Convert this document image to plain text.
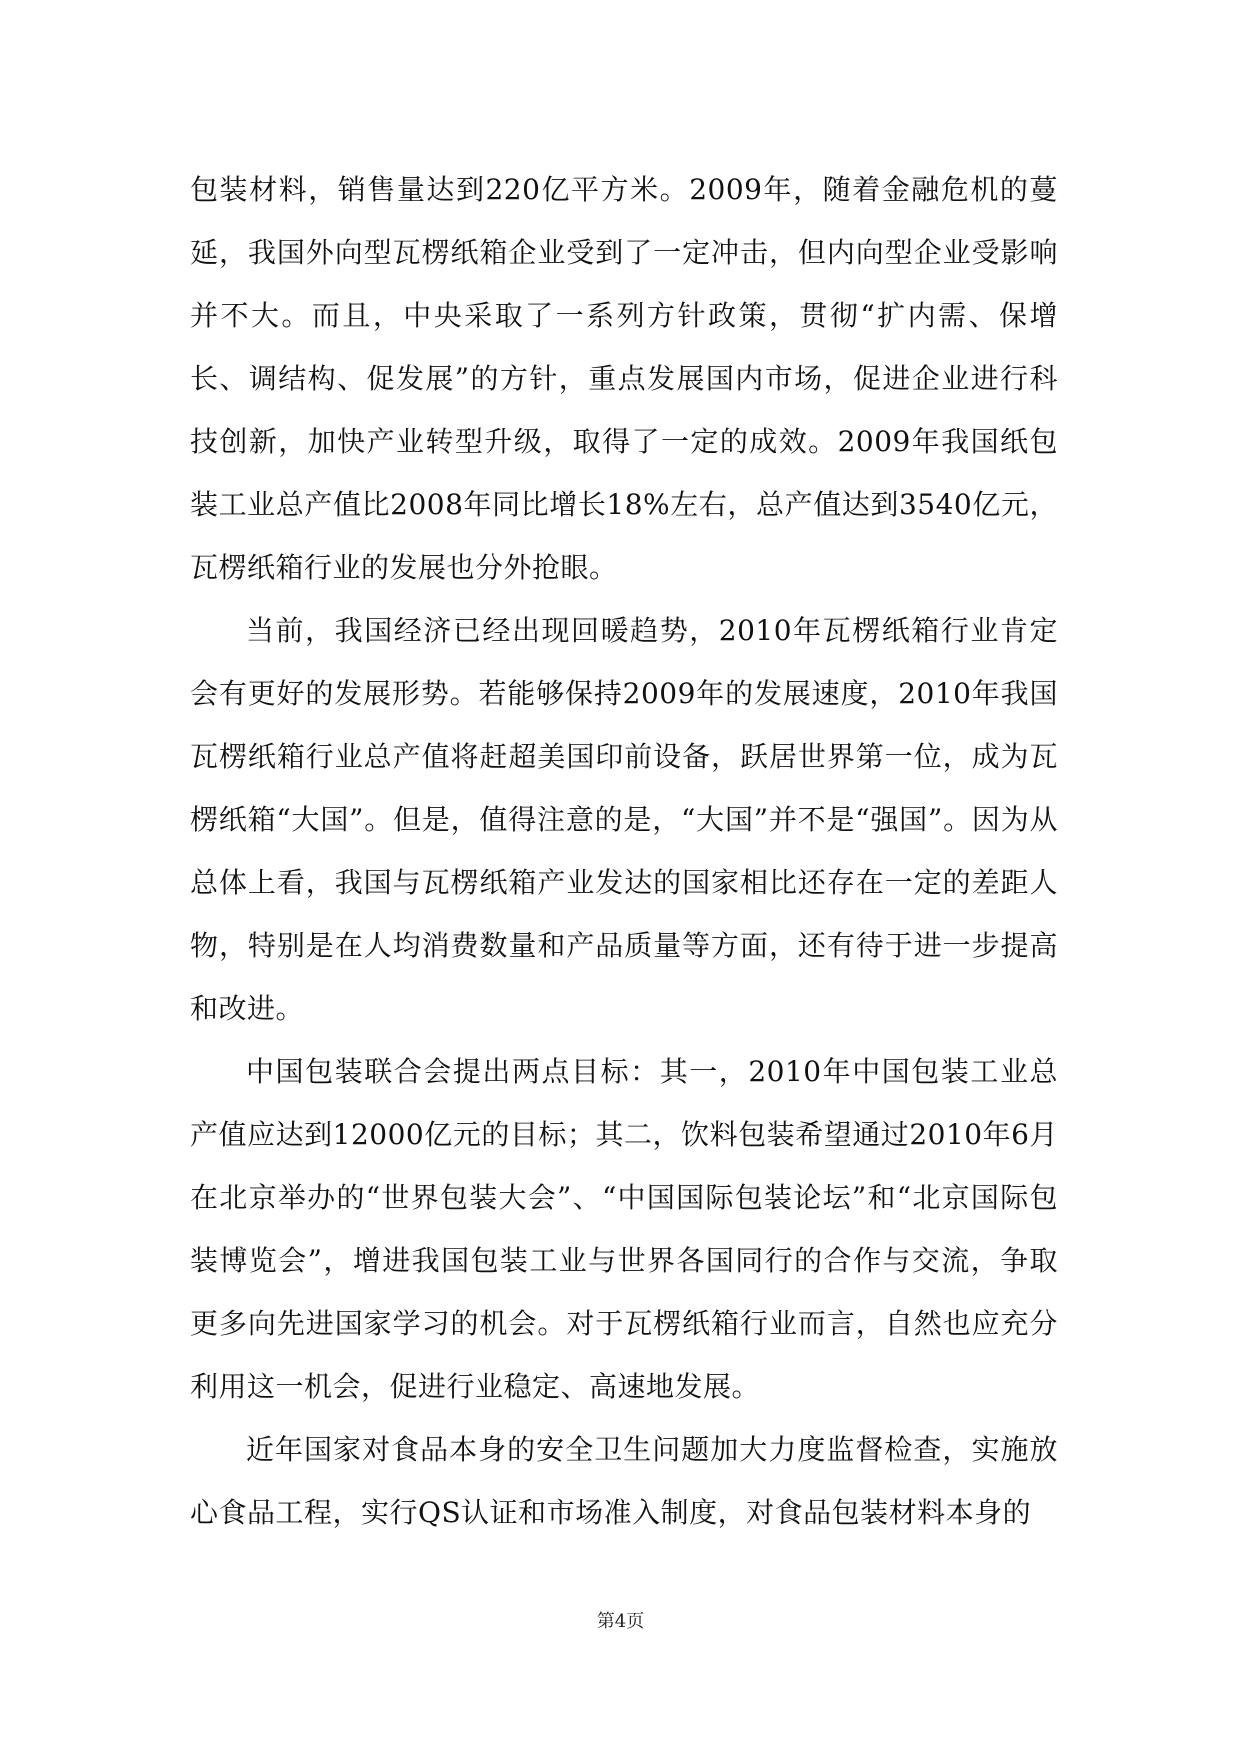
包装材料，销售量达到220亿平方米。2009年，随着金融危机的蔓延，我国外向型瓦楞纸箱企业受到了一定冲击，但内向型企业受影响并不大。而且，中央采取了一系列方针政策，贯彻“扩内需、保增长、调结构、促发展”的方针，重点发展国内市场，促进企业进行科技创新，加快产业转型升级，取得了一定的成效。2009年我国纸包装工业总产值比2008年同比增长18%左右，总产值达到3540亿元，瓦楞纸箱行业的发展也分外抢眼。

当前，我国经济已经出现回暖趋势，2010年瓦楞纸箱行业肯定会有更好的发展形势。若能够保持2009年的发展速度，2010年我国瓦楞纸箱行业总产值将赶超美国印前设备，跃居世界第一位，成为瓦楞纸箱“大国”。但是，值得注意的是，“大国”并不是“强国”。因为从总体上看，我国与瓦楞纸箱产业发达的国家相比还存在一定的差距人物，特别是在人均消费数量和产品质量等方面，还有待于进一步提高和改进。

中国包装联合会提出两点目标：其一，2010年中国包装工业总产值应达到12000亿元的目标；其二，饮料包装希望通过2010年6月在北京举办的“世界包装大会”、“中国国际包装论坛”和“北京国际包装博览会”，增进我国包装工业与世界各国同行的合作与交流，争取更多向先进国家学习的机会。对于瓦楞纸箱行业而言，自然也应充分利用这一机会，促进行业稳定、高速地发展。

近年国家对食品本身的安全卫生问题加大力度监督检查，实施放心食品工程，实行QS认证和市场准入制度，对食品包装材料本身的

第4页
